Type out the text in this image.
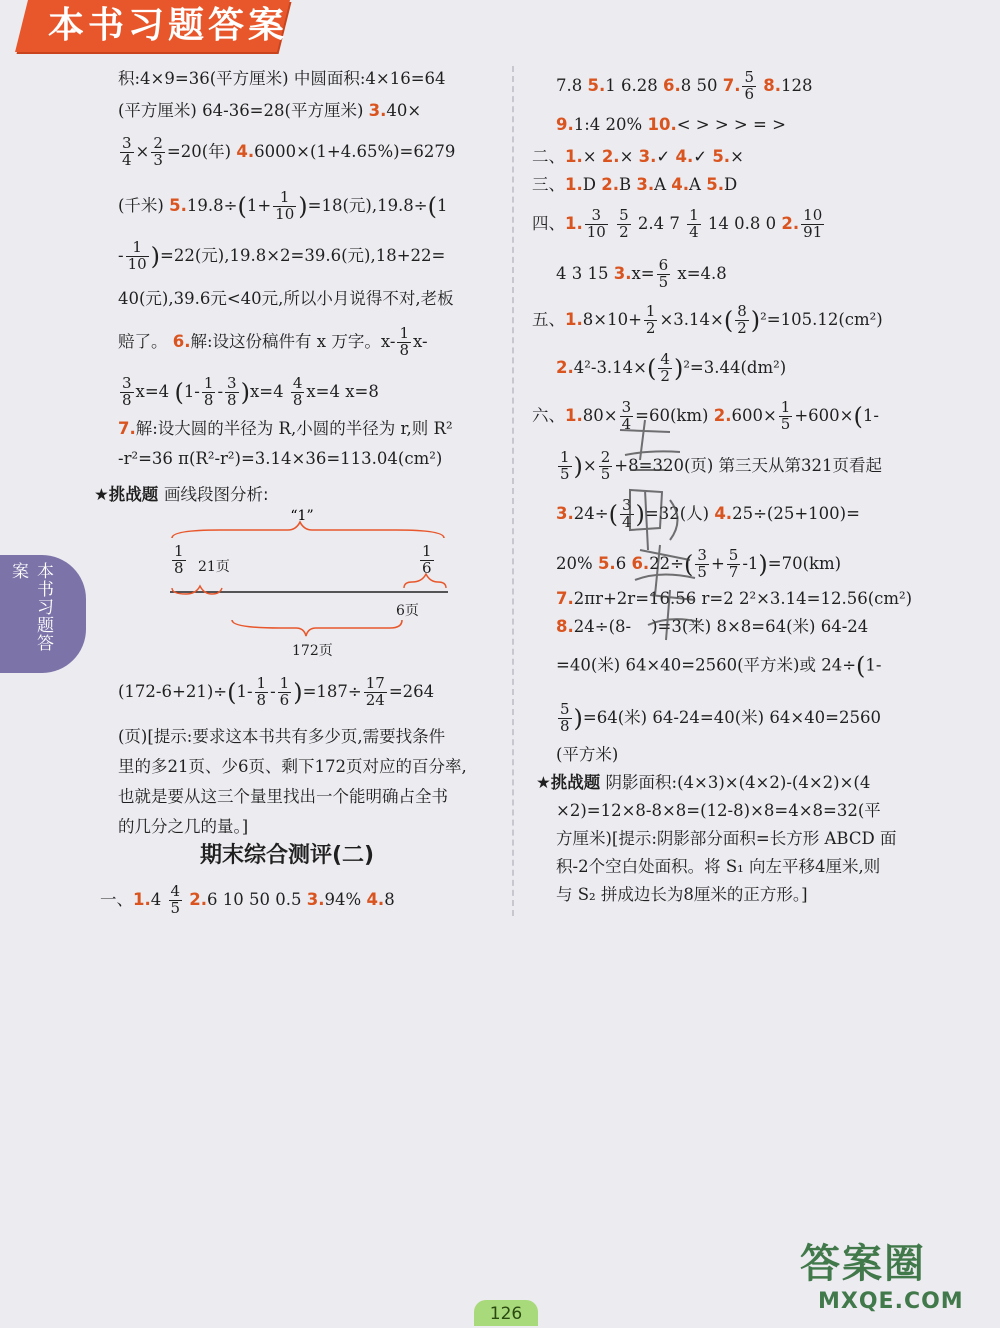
本书习题答案
本书习题答案
积:4×9=36(平方厘米) 中圆面积:4×16=64
(平方厘米) 64-36=28(平方厘米) 3.40×
$\frac{3}{4} \times \frac{2}{3} =20$(年) 4.6000×(1+4.65%)=6279
(千米) $5.19.8\div(1+ \frac{1}{10} )=18$(元),19.8÷(1
- $\frac{1}{10} )=22$(元),19.8×2=39.6(元),18+22=
40(元),39.6元<40元,所以小月说得不对,老板
赔了。 6.解:设这份稿件有 x 万字。$x- \frac{1}{8} x-$
$\frac{3}{8} x=4$ $(1- \frac{1}{8} - \frac{3}{8} )x=4 \frac{4}{8} x=4$ x=8
7.解:设大圆的半径为 R,小圆的半径为 r,则 R²
-r²=36 π(R²-r²)=3.14×36=113.04(cm²)
★挑战题 画线段图分析:
“1”
$\frac{1}{8} 21$页	$\frac{1}{6}$
6页
172页
$(172-6+21)\div(1- \frac{1}{8} - \frac{1}{6} )=187\div \frac{17}{24} =264$
(页)[提示:要求这本书共有多少页,需要找条件
里的多21页、少6页、剩下172页对应的百分率,
也就是要从这三个量里找出一个能明确占全书
的几分之几的量。]
期末综合测评(二)
一、$1.4 \frac{4}{5} 2.6$ 10 50 0.5 3.94% 4.8
7.8 5.1 6.28 6.8 50 7. $\frac{5}{6} 8.128$
9.1:4 20% 10.< > > > = >
二、1.× 2.× 3.✓ 4.✓ 5.×
三、1.D 2.B 3.A 4.A 5.D
四、1. $\frac{3}{10}$
$\frac{5}{2} 2.4$ $7 \frac{1}{4} 14$ 0.8 0 2. $\frac{10}{91}$
4 3 15 $3.x= \frac{6}{5} x=4.8$
五、$1.8\times 10+ \frac{1}{2} \times 3.14\times( \frac{8}{2} )^2=105.12(cm^2)$
$2.4^2-3.14\times( \frac{4}{2} )^2=3.44(dm^2)$
六、$1.80\times \frac{3}{4} =60(km)$ $2.600\times \frac{1}{5} +600\times(1-$
$\frac{1}{5}$ )× $\frac{2}{5} +8=320$(页) 第三天从第321页看起
$3.24\div( \frac{3}{4} )=32$(人) 4.25÷(25+100)=
20% 5.6 $6.22\div( \frac{3}{5} + \frac{5}{7} -1)=70(km)$
7.2πr+2r=16.56 r=2 2²×3.14=12.56(cm²)
8.24÷(8- )=3(米) 8×8=64(米) 64-24
=40(米) 64×40=2560(平方米)或 24÷(1-
$\frac{5}{8} )=64$(米) 64-24=40(米) 64×40=2560
(平方米)
★挑战题 阴影面积:(4×3)×(4×2)-(4×2)×(4
×2)=12×8-8×8=(12-8)×8=4×8=32(平
方厘米)[提示:阴影部分面积=长方形 ABCD 面
积-2个空白处面积。将 S₁ 向左平移4厘米,则
与 S₂ 拼成边长为8厘米的正方形。]
126
答案圈
MXQE.COM
